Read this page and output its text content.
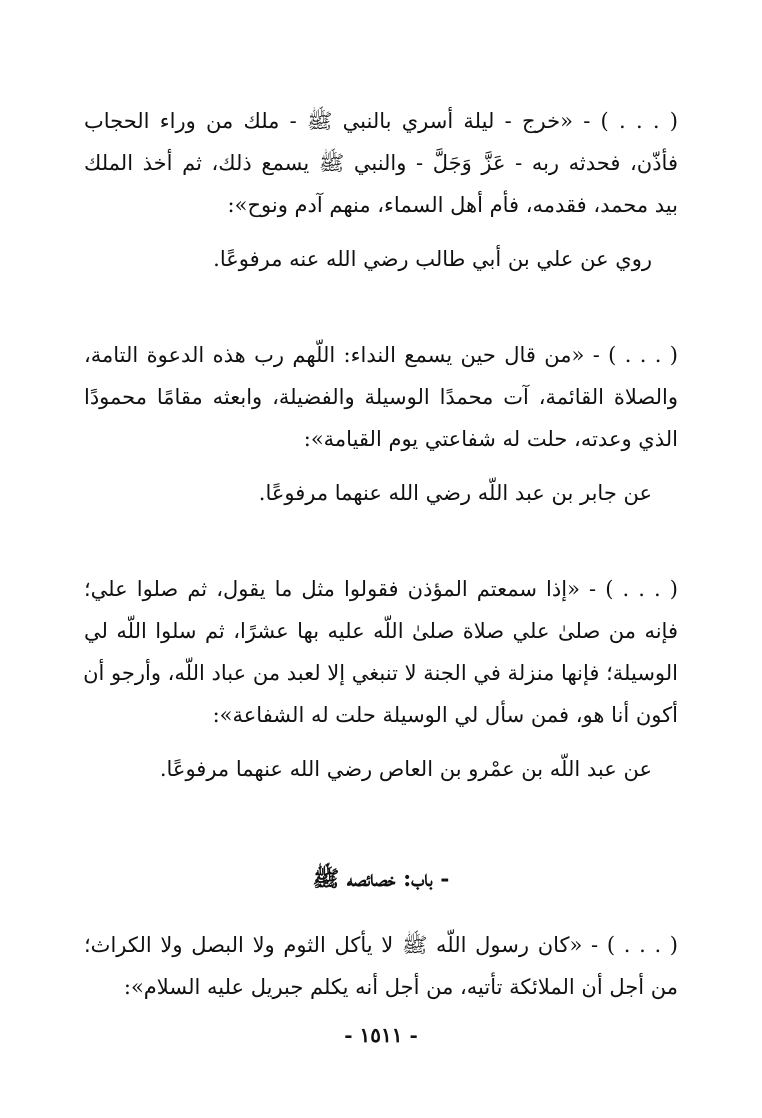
( . . . ) - «خرج - ليلة أسري بالنبي ﷺ - ملك من وراء الحجاب
فأذّن، فحدثه ربه - عَزَّ وَجَلَّ - والنبي ﷺ يسمع ذلك، ثم أخذ الملك
بيد محمد، فقدمه، فأم أهل السماء، منهم آدم ونوح»:
روي عن علي بن أبي طالب رضي الله عنه مرفوعًا.
( . . . ) - «من قال حين يسمع النداء: اللّهم رب هذه الدعوة التامة،
والصلاة القائمة، آت محمدًا الوسيلة والفضيلة، وابعثه مقامًا محمودًا
الذي وعدته، حلت له شفاعتي يوم القيامة»:
عن جابر بن عبد اللّه رضي الله عنهما مرفوعًا.
( . . . ) - «إذا سمعتم المؤذن فقولوا مثل ما يقول، ثم صلوا علي؛
فإنه من صلىٰ علي صلاة صلىٰ اللّه عليه بها عشرًا، ثم سلوا اللّه لي
الوسيلة؛ فإنها منزلة في الجنة لا تنبغي إلا لعبد من عباد اللّه، وأرجو أن
أكون أنا هو، فمن سأل لي الوسيلة حلت له الشفاعة»:
عن عبد اللّه بن عمْرو بن العاص رضي الله عنهما مرفوعًا.
- باب: خصائصه ﷺ
( . . . ) - «كان رسول اللّه ﷺ لا يأكل الثوم ولا البصل ولا الكراث؛
من أجل أن الملائكة تأتيه، من أجل أنه يكلم جبريل عليه السلام»:
- ١٥١١ -
